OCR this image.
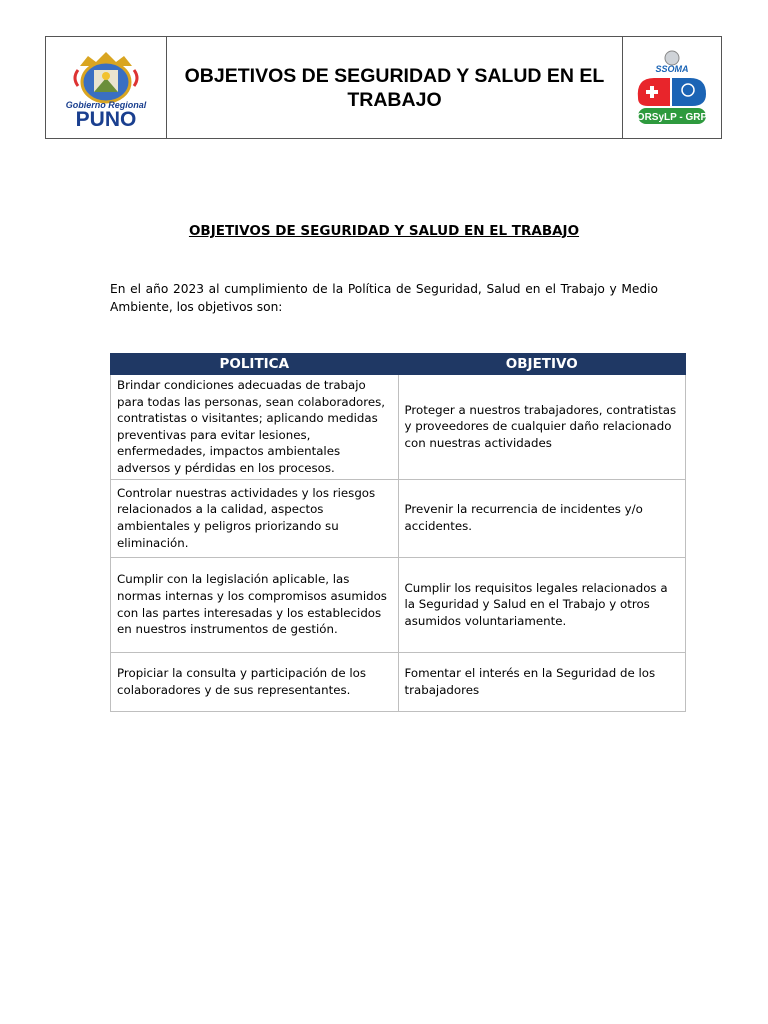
Gobierno Regional
PUNO
OBJETIVOS DE SEGURIDAD Y SALUD EN EL TRABAJO
SSOMA
ORSyLP - GRP
OBJETIVOS DE SEGURIDAD Y SALUD EN EL TRABAJO
En el año 2023 al cumplimiento de la Política de Seguridad, Salud en el Trabajo y Medio Ambiente, los objetivos son:
POLITICA	OBJETIVO
Brindar condiciones adecuadas de trabajo para todas las personas, sean colaboradores, contratistas o visitantes; aplicando medidas preventivas para evitar lesiones, enfermedades, impactos ambientales adversos y pérdidas en los procesos.	Proteger a nuestros trabajadores, contratistas y proveedores de cualquier daño relacionado con nuestras actividades
Controlar nuestras actividades y los riesgos relacionados a la calidad, aspectos ambientales y peligros priorizando su eliminación.	Prevenir la recurrencia de incidentes y/o accidentes.
Cumplir con la legislación aplicable, las normas internas y los compromisos asumidos con las partes interesadas y los establecidos en nuestros instrumentos de gestión.	Cumplir los requisitos legales relacionados a la Seguridad y Salud en el Trabajo y otros asumidos voluntariamente.
Propiciar la consulta y participación de los colaboradores y de sus representantes.	Fomentar el interés en la Seguridad de los trabajadores
